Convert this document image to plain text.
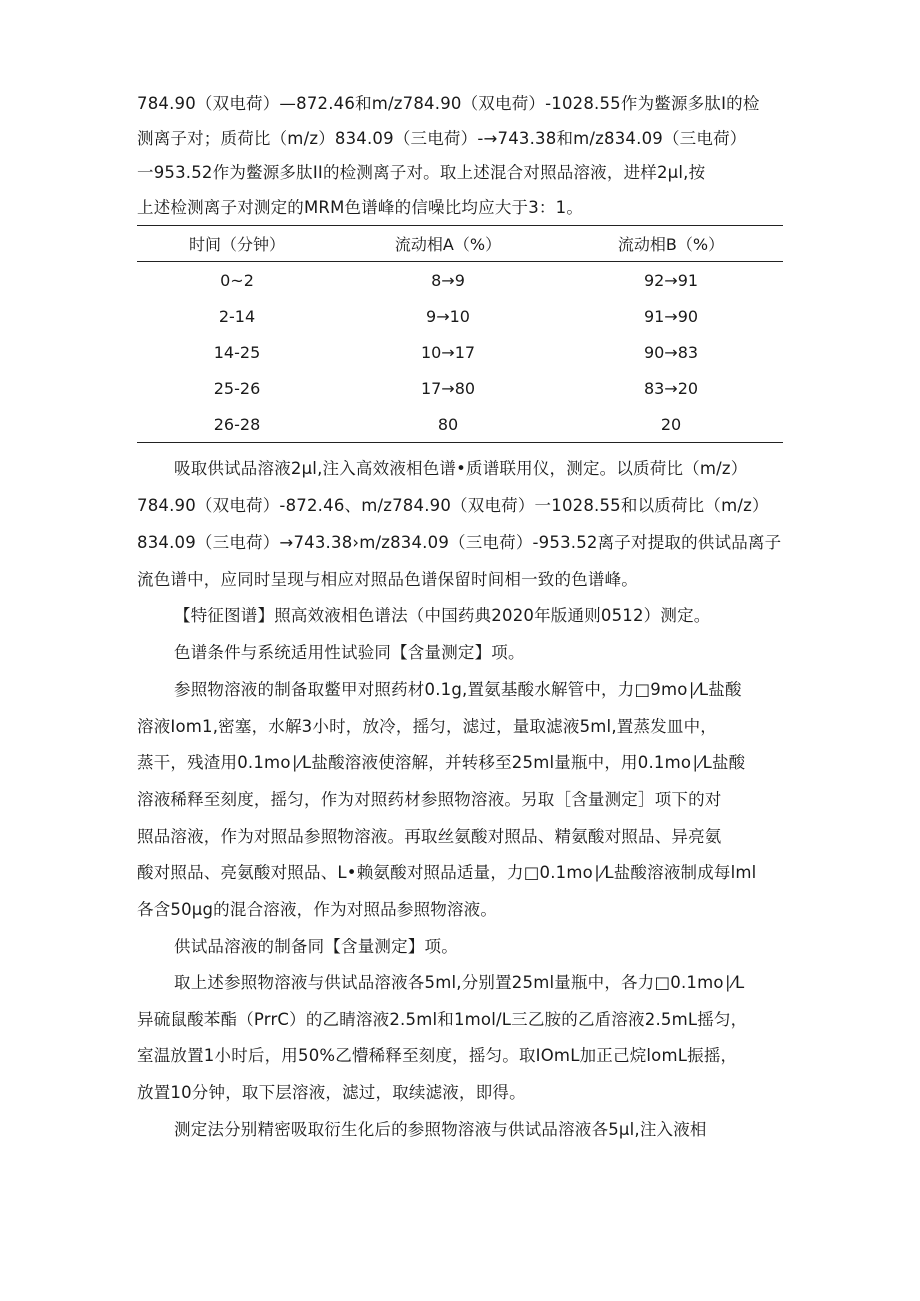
784.90（双电荷）—872.46和m/z784.90（双电荷）-1028.55作为鳖源多肽I的检
测离子对；质荷比（m/z）834.09（三电荷）-→743.38和m/z834.09（三电荷）
一953.52作为鳖源多肽II的检测离子对。取上述混合对照品溶液，进样2μl,按
上述检测离子对测定的MRM色谱峰的信噪比均应大于3：1。
时间（分钟）	流动相A（%）	流动相B（%）
0~2	8→9	92→91
2-14	9→10	91→90
14-25	10→17	90→83
25-26	17→80	83→20
26-28	80	20
吸取供试品溶液2μl,注入高效液相色谱•质谱联用仪，测定。以质荷比（m/z）
784.90（双电荷）-872.46、m/z784.90（双电荷）一1028.55和以质荷比（m/z）
834.09（三电荷）→743.38›m/z834.09（三电荷）-953.52离子对提取的供试品离子
流色谱中，应同时呈现与相应对照品色谱保留时间相一致的色谱峰。
【特征图谱】照高效液相色谱法（中国药典2020年版通则0512）测定。
色谱条件与系统适用性试验同【含量测定】项。
参照物溶液的制备取鳖甲对照药材0.1g,置氨基酸水解管中，力□9mo∣⁄L盐酸
溶液Iom1,密塞，水解3小时，放冷，摇匀，滤过，量取滤液5ml,置蒸发皿中，
蒸干，残渣用0.1mo∣⁄L盐酸溶液使溶解，并转移至25ml量瓶中，用0.1mo∣⁄L盐酸
溶液稀释至刻度，摇匀，作为对照药材参照物溶液。另取［含量测定］项下的对
照品溶液，作为对照品参照物溶液。再取丝氨酸对照品、精氨酸对照品、异亮氨
酸对照品、亮氨酸对照品、L•赖氨酸对照品适量，力□0.1mo∣⁄L盐酸溶液制成每lml
各含50μg的混合溶液，作为对照品参照物溶液。
供试品溶液的制备同【含量测定】项。
取上述参照物溶液与供试品溶液各5ml,分别置25ml量瓶中，各力□0.1mo∣⁄L
异硫鼠酸苯酯（PrrC）的乙睛溶液2.5ml和1mol/L三乙胺的乙盾溶液2.5mL摇匀，
室温放置1小时后，用50%乙懵稀释至刻度，摇匀。取IOmL加正己烷lomL振摇，
放置10分钟，取下层溶液，滤过，取续滤液，即得。
测定法分别精密吸取衍生化后的参照物溶液与供试品溶液各5μl,注入液相
